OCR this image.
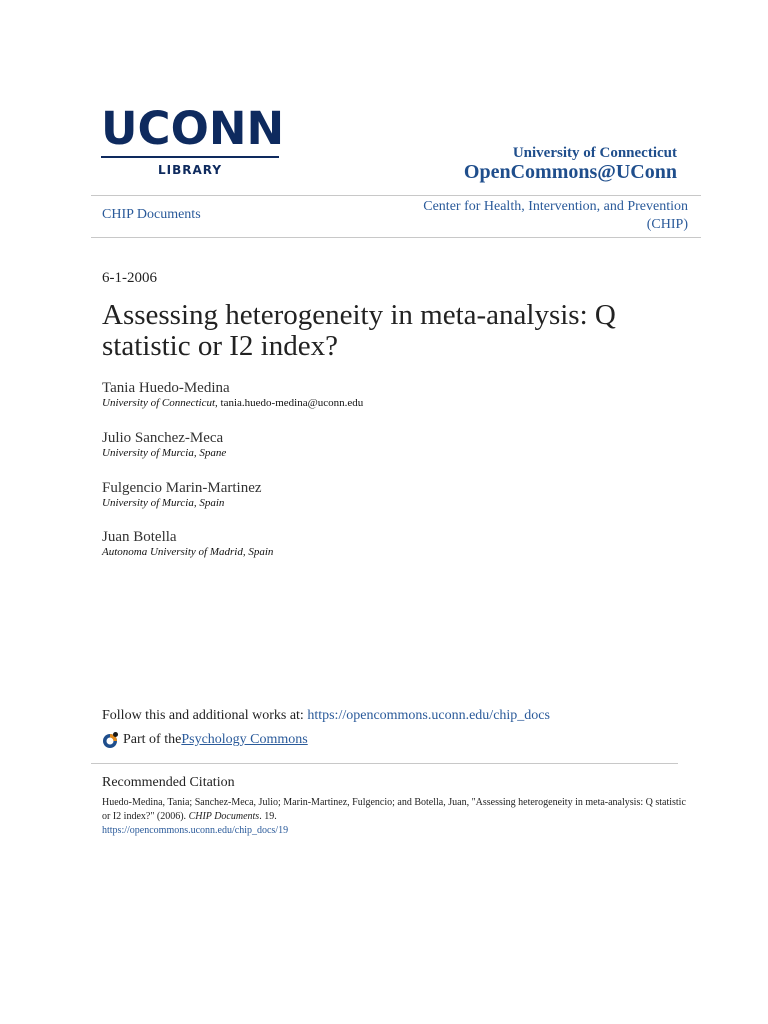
UCONN
LIBRARY
University of Connecticut
OpenCommons@UConn
CHIP Documents
Center for Health, Intervention, and Prevention
(CHIP)
6-1-2006
Assessing heterogeneity in meta-analysis: Q statistic or I2 index?
Tania Huedo-Medina
University of Connecticut, tania.huedo-medina@uconn.edu
Julio Sanchez-Meca
University of Murcia, Spane
Fulgencio Marin-Martinez
University of Murcia, Spain
Juan Botella
Autonoma University of Madrid, Spain
Follow this and additional works at: https://opencommons.uconn.edu/chip_docs
Part of the Psychology Commons
Recommended Citation
Huedo-Medina, Tania; Sanchez-Meca, Julio; Marin-Martinez, Fulgencio; and Botella, Juan, "Assessing heterogeneity in meta-analysis: Q statistic or I2 index?" (2006). CHIP Documents. 19.
https://opencommons.uconn.edu/chip_docs/19
